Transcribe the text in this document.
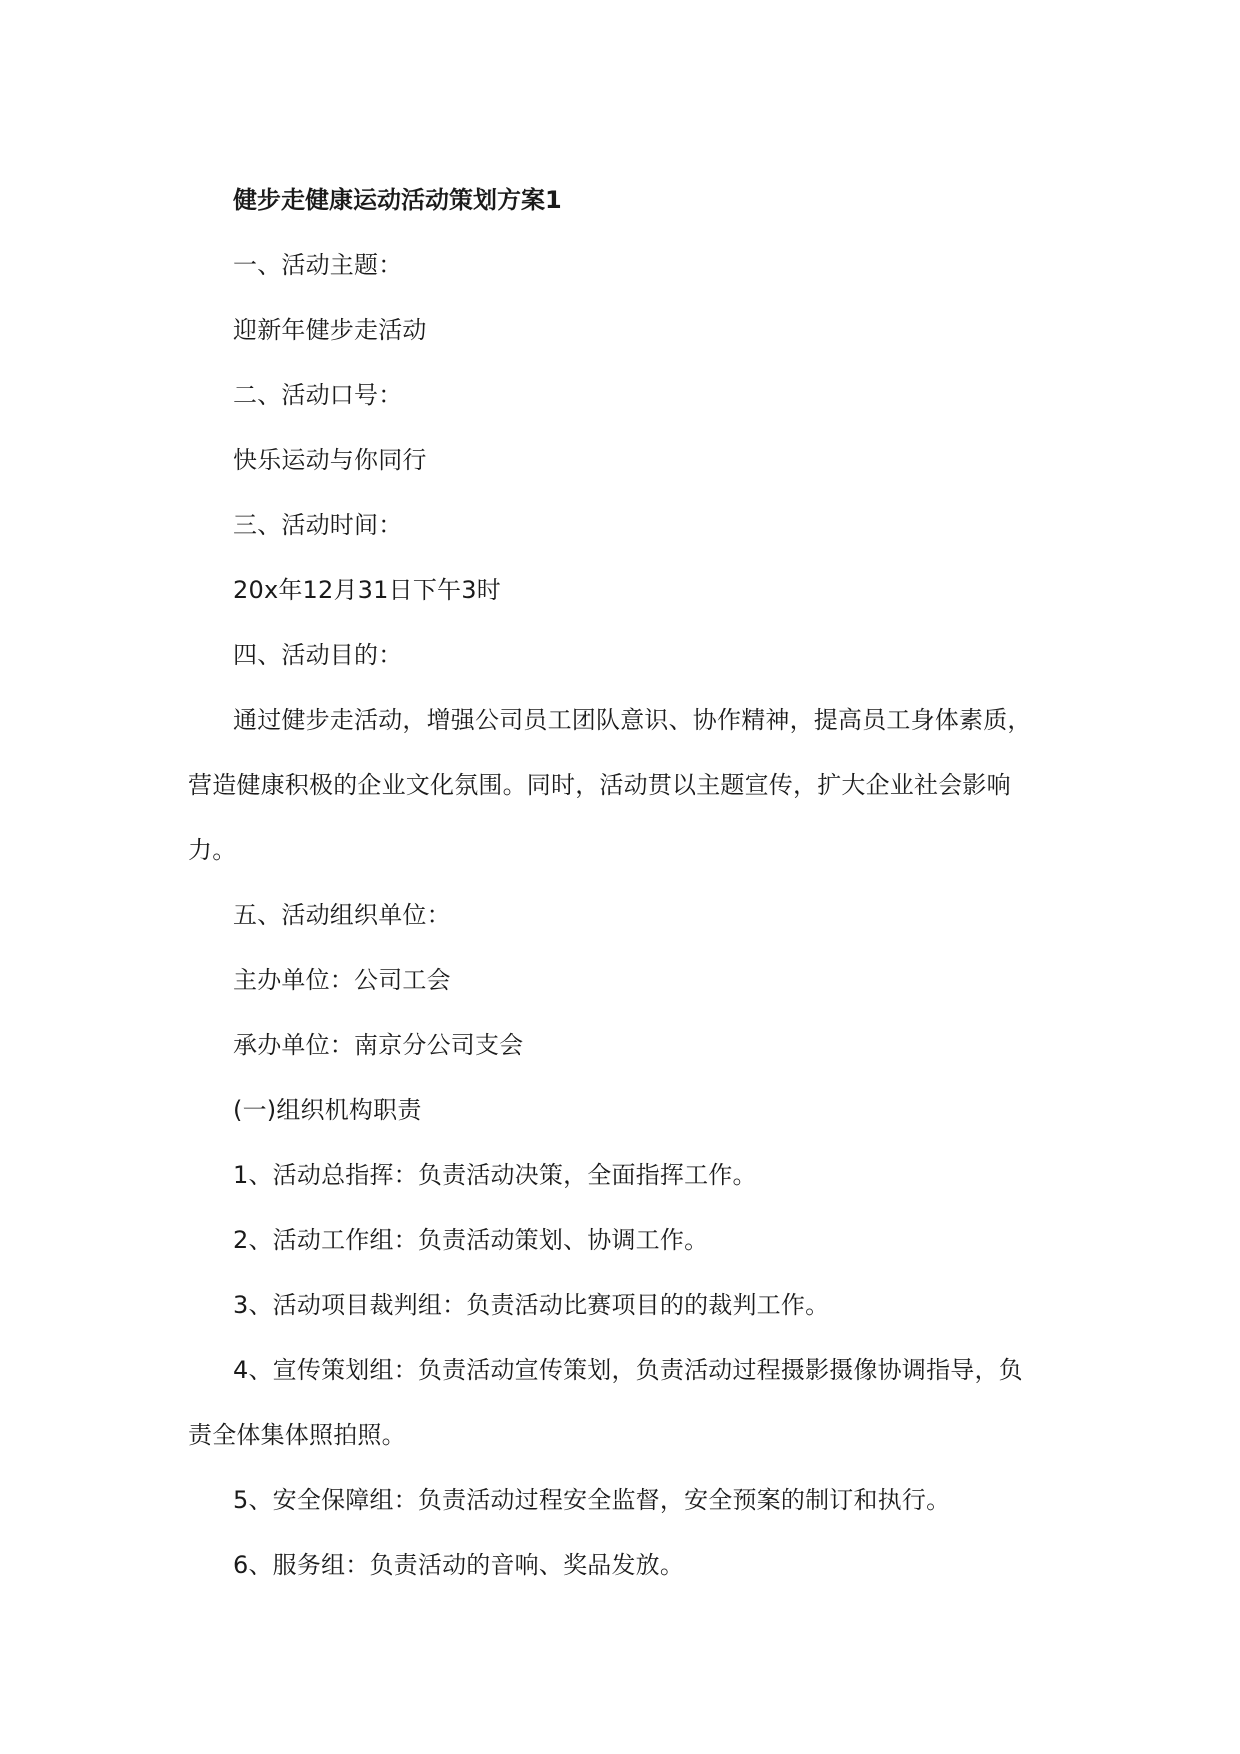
健步走健康运动活动策划方案1

一、活动主题：

迎新年健步走活动

二、活动口号：

快乐运动与你同行

三、活动时间：

20x年12月31日下午3时

四、活动目的：

通过健步走活动，增强公司员工团队意识、协作精神，提高员工身体素质，营造健康积极的企业文化氛围。同时，活动贯以主题宣传，扩大企业社会影响力。

五、活动组织单位：

主办单位：公司工会

承办单位：南京分公司支会

(一)组织机构职责

1、活动总指挥：负责活动决策，全面指挥工作。

2、活动工作组：负责活动策划、协调工作。

3、活动项目裁判组：负责活动比赛项目的的裁判工作。

4、宣传策划组：负责活动宣传策划，负责活动过程摄影摄像协调指导，负责全体集体照拍照。

5、安全保障组：负责活动过程安全监督，安全预案的制订和执行。

6、服务组：负责活动的音响、奖品发放。
